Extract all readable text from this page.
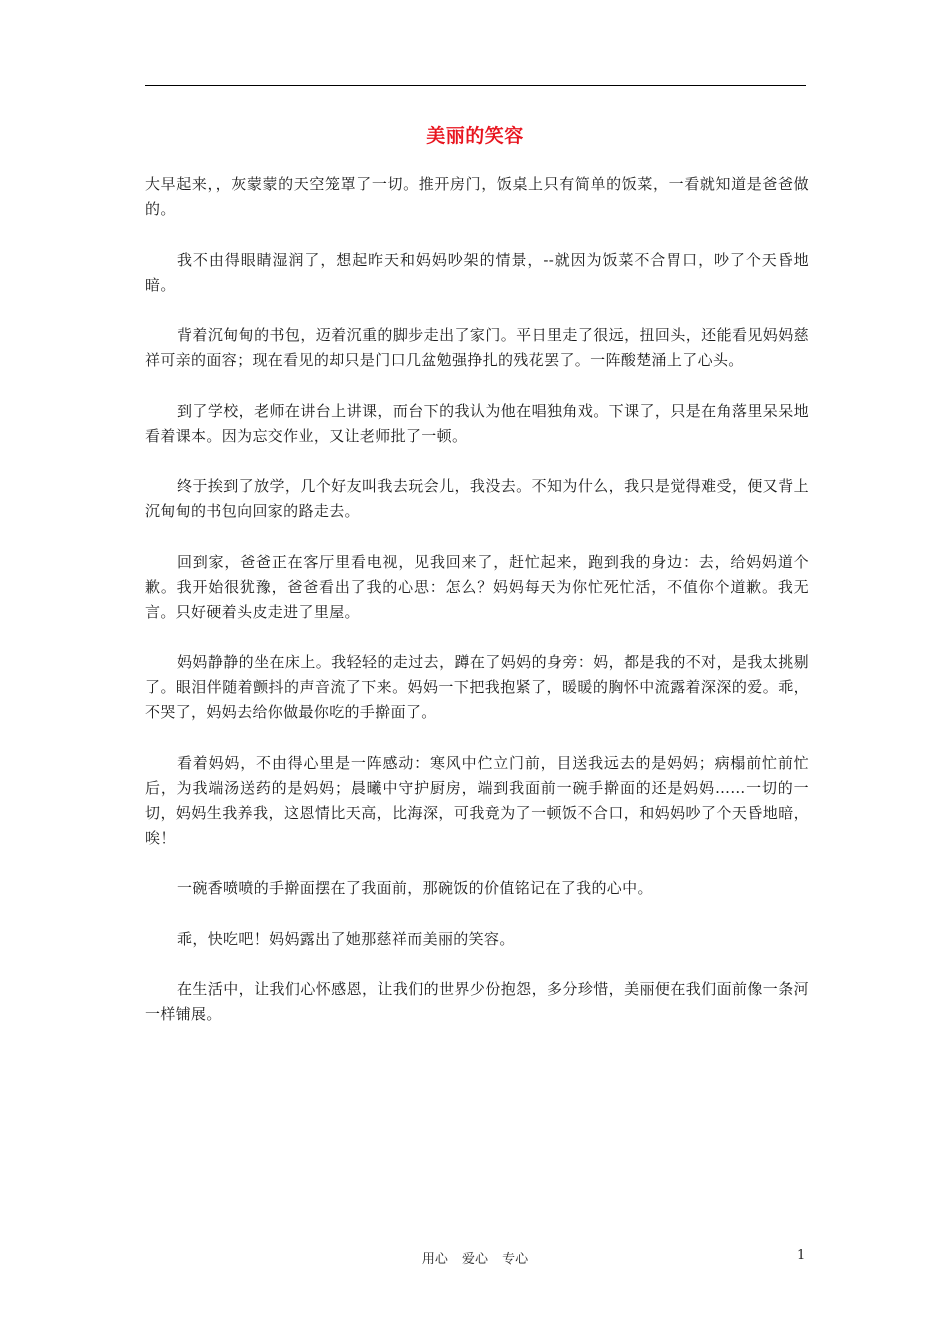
美丽的笑容

大早起来，，灰蒙蒙的天空笼罩了一切。推开房门，饭桌上只有简单的饭菜，一看就知道是爸爸做的。

我不由得眼睛湿润了，想起昨天和妈妈吵架的情景，--就因为饭菜不合胃口，吵了个天昏地暗。

背着沉甸甸的书包，迈着沉重的脚步走出了家门。平日里走了很远，扭回头，还能看见妈妈慈祥可亲的面容；现在看见的却只是门口几盆勉强挣扎的残花罢了。一阵酸楚涌上了心头。

到了学校，老师在讲台上讲课，而台下的我认为他在唱独角戏。下课了，只是在角落里呆呆地看着课本。因为忘交作业，又让老师批了一顿。

终于挨到了放学，几个好友叫我去玩会儿，我没去。不知为什么，我只是觉得难受，便又背上沉甸甸的书包向回家的路走去。

回到家，爸爸正在客厅里看电视，见我回来了，赶忙起来，跑到我的身边：去，给妈妈道个歉。我开始很犹豫，爸爸看出了我的心思：怎么？妈妈每天为你忙死忙活，不值你个道歉。我无言。只好硬着头皮走进了里屋。

妈妈静静的坐在床上。我轻轻的走过去，蹲在了妈妈的身旁：妈，都是我的不对，是我太挑剔了。眼泪伴随着颤抖的声音流了下来。妈妈一下把我抱紧了，暖暖的胸怀中流露着深深的爱。乖，不哭了，妈妈去给你做最你吃的手擀面了。

看着妈妈，不由得心里是一阵感动：寒风中伫立门前，目送我远去的是妈妈；病榻前忙前忙后，为我端汤送药的是妈妈；晨曦中守护厨房，端到我面前一碗手擀面的还是妈妈……一切的一切，妈妈生我养我，这恩情比天高，比海深，可我竟为了一顿饭不合口，和妈妈吵了个天昏地暗，唉！

一碗香喷喷的手擀面摆在了我面前，那碗饭的价值铭记在了我的心中。

乖，快吃吧！妈妈露出了她那慈祥而美丽的笑容。

在生活中，让我们心怀感恩，让我们的世界少份抱怨，多分珍惜，美丽便在我们面前像一条河一样铺展。

用心 爱心 专心	1
